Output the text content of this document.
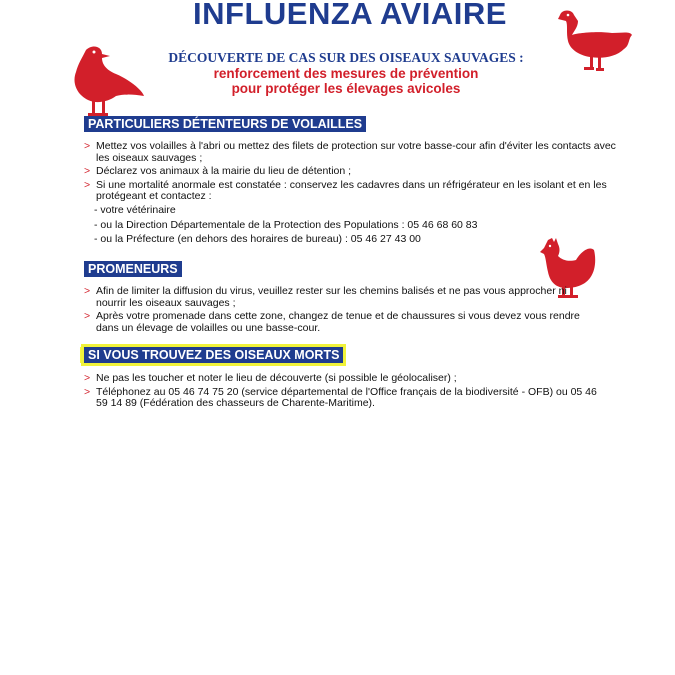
INFLUENZA AVIAIRE
DÉCOUVERTE DE CAS SUR DES OISEAUX SAUVAGES :
renforcement des mesures de prévention
pour protéger les élevages avicoles
PARTICULIERS DÉTENTEURS DE VOLAILLES
> Mettez vos volailles à l'abri ou mettez des filets de protection sur votre basse-cour afin d'éviter les contacts avec les oiseaux sauvages ;
> Déclarez vos animaux à la mairie du lieu de détention ;
> Si une mortalité anormale est constatée : conservez les cadavres dans un réfrigérateur en les isolant et en les protégeant et contactez :
- votre vétérinaire
- ou la Direction Départementale de la Protection des Populations : 05 46 68 60 83
- ou la Préfecture (en dehors des horaires de bureau) : 05 46 27 43 00
PROMENEURS
> Afin de limiter la diffusion du virus, veuillez rester sur les chemins balisés et ne pas vous approcher ni nourrir les oiseaux sauvages ;
> Après votre promenade dans cette zone, changez de tenue et de chaussures si vous devez vous rendre dans un élevage de volailles ou une basse-cour.
SI VOUS TROUVEZ DES OISEAUX MORTS
> Ne pas les toucher et noter le lieu de découverte (si possible le géolocaliser) ;
> Téléphonez au 05 46 74 75 20 (service départemental de l'Office français de la biodiversité - OFB) ou 05 46 59 14 89 (Fédération des chasseurs de Charente-Maritime).
